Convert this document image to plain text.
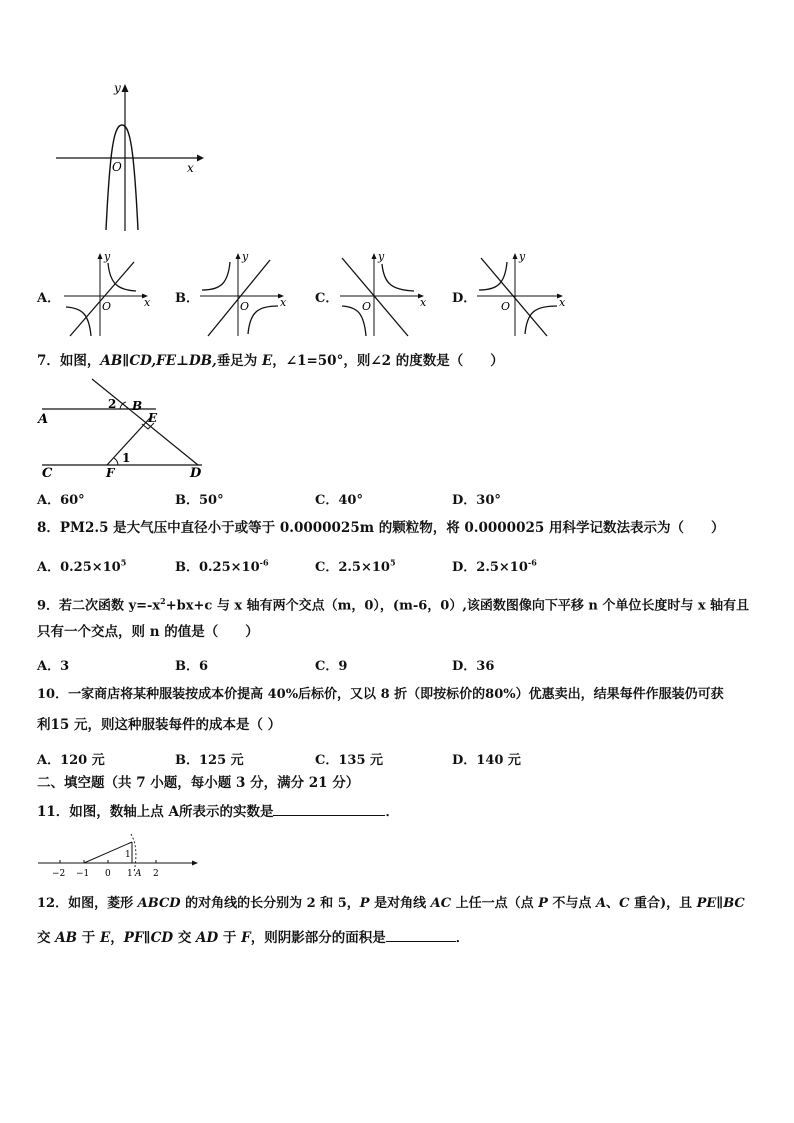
y
x
O
A．
y
x
O
B．
y
x
O
C．
y
x
O
D．
y
x
O
7．如图，AB∥CD,FE⊥DB,垂足为 E，∠1=50°，则∠2 的度数是（　　）
A
B
2
E
1
C	F	D
A．60°	B．50°	C．40°	D．30°
8．PM2.5 是大气压中直径小于或等于 0.0000025m 的颗粒物，将 0.0000025 用科学记数法表示为（　　）
A．$0.25\times 10^5$	B．$0.25\times 10^{-6}$	C．$2.5\times 10^5$	D．$2.5\times 10^{-6}$
9．若二次函数 $y=-x^2+bx+c$ 与 x 轴有两个交点（m，0），(m-6，0）,该函数图像向下平移 n 个单位长度时与 x 轴有且
只有一个交点，则 n 的值是（　　）
A．3	B．6	C．9	D．36
10．一家商店将某种服装按成本价提高 40%后标价，又以 8 折（即按标价的80%）优惠卖出，结果每件作服装仍可获
利15 元，则这种服装每件的成本是（ ）
A．120 元	B．125 元	C．135 元	D．140 元
二、填空题（共 7 小题，每小题 3 分，满分 21 分）
11．如图，数轴上点 A所表示的实数是	．
−2 −1 0 1 A 2
1
12．如图，菱形 ABCD 的对角线的长分别为 2 和 5，P 是对角线 AC 上任一点（点 P 不与点 A、C 重合)，且 PE∥BC
交 AB 于 E，PF∥CD 交 AD 于 F，则阴影部分的面积是	．
